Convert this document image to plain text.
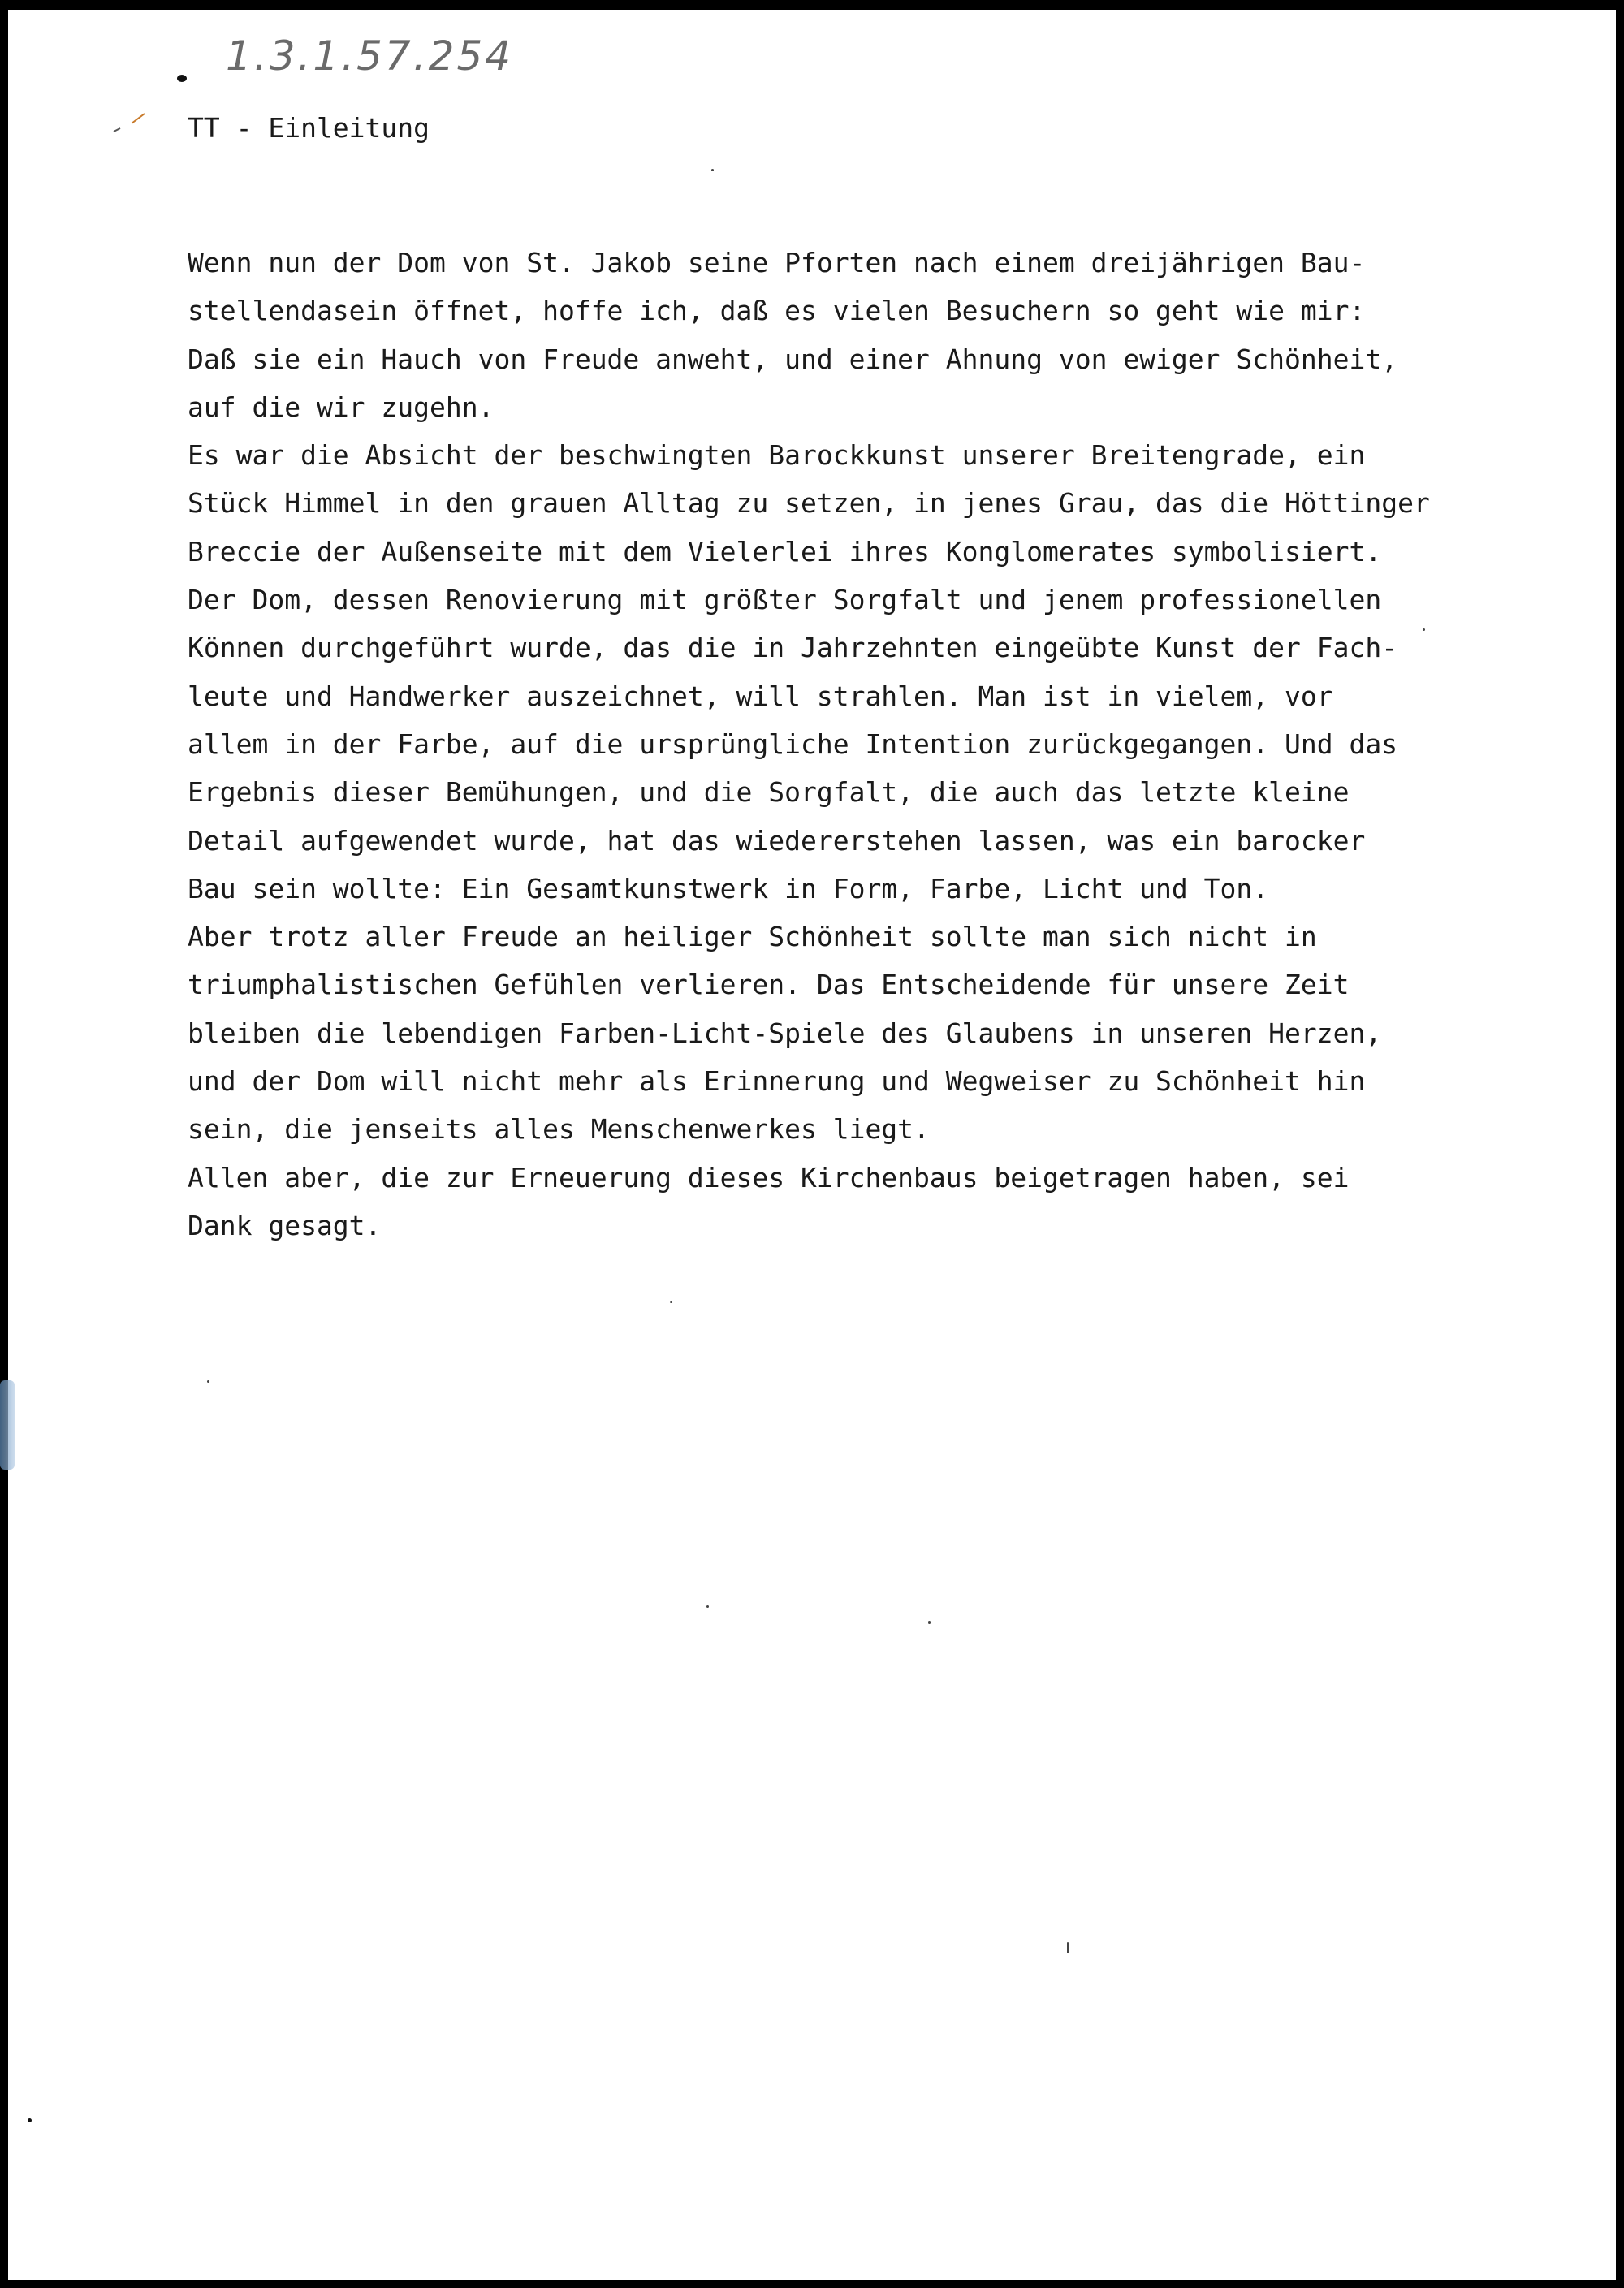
1.3.1.57.254
TT - Einleitung
Wenn nun der Dom von St. Jakob seine Pforten nach einem dreijährigen Bau-
stellendasein öffnet, hoffe ich, daß es vielen Besuchern so geht wie mir:
Daß sie ein Hauch von Freude anweht, und einer Ahnung von ewiger Schönheit,
auf die wir zugehn.
Es war die Absicht der beschwingten Barockkunst unserer Breitengrade, ein
Stück Himmel in den grauen Alltag zu setzen, in jenes Grau, das die Höttinger
Breccie der Außenseite mit dem Vielerlei ihres Konglomerates symbolisiert.
Der Dom, dessen Renovierung mit größter Sorgfalt und jenem professionellen
Können durchgeführt wurde, das die in Jahrzehnten eingeübte Kunst der Fach-
leute und Handwerker auszeichnet, will strahlen. Man ist in vielem, vor
allem in der Farbe, auf die ursprüngliche Intention zurückgegangen. Und das
Ergebnis dieser Bemühungen, und die Sorgfalt, die auch das letzte kleine
Detail aufgewendet wurde, hat das wiedererstehen lassen, was ein barocker
Bau sein wollte: Ein Gesamtkunstwerk in Form, Farbe, Licht und Ton.
Aber trotz aller Freude an heiliger Schönheit sollte man sich nicht in
triumphalistischen Gefühlen verlieren. Das Entscheidende für unsere Zeit
bleiben die lebendigen Farben-Licht-Spiele des Glaubens in unseren Herzen,
und der Dom will nicht mehr als Erinnerung und Wegweiser zu Schönheit hin
sein, die jenseits alles Menschenwerkes liegt.
Allen aber, die zur Erneuerung dieses Kirchenbaus beigetragen haben, sei
Dank gesagt.
